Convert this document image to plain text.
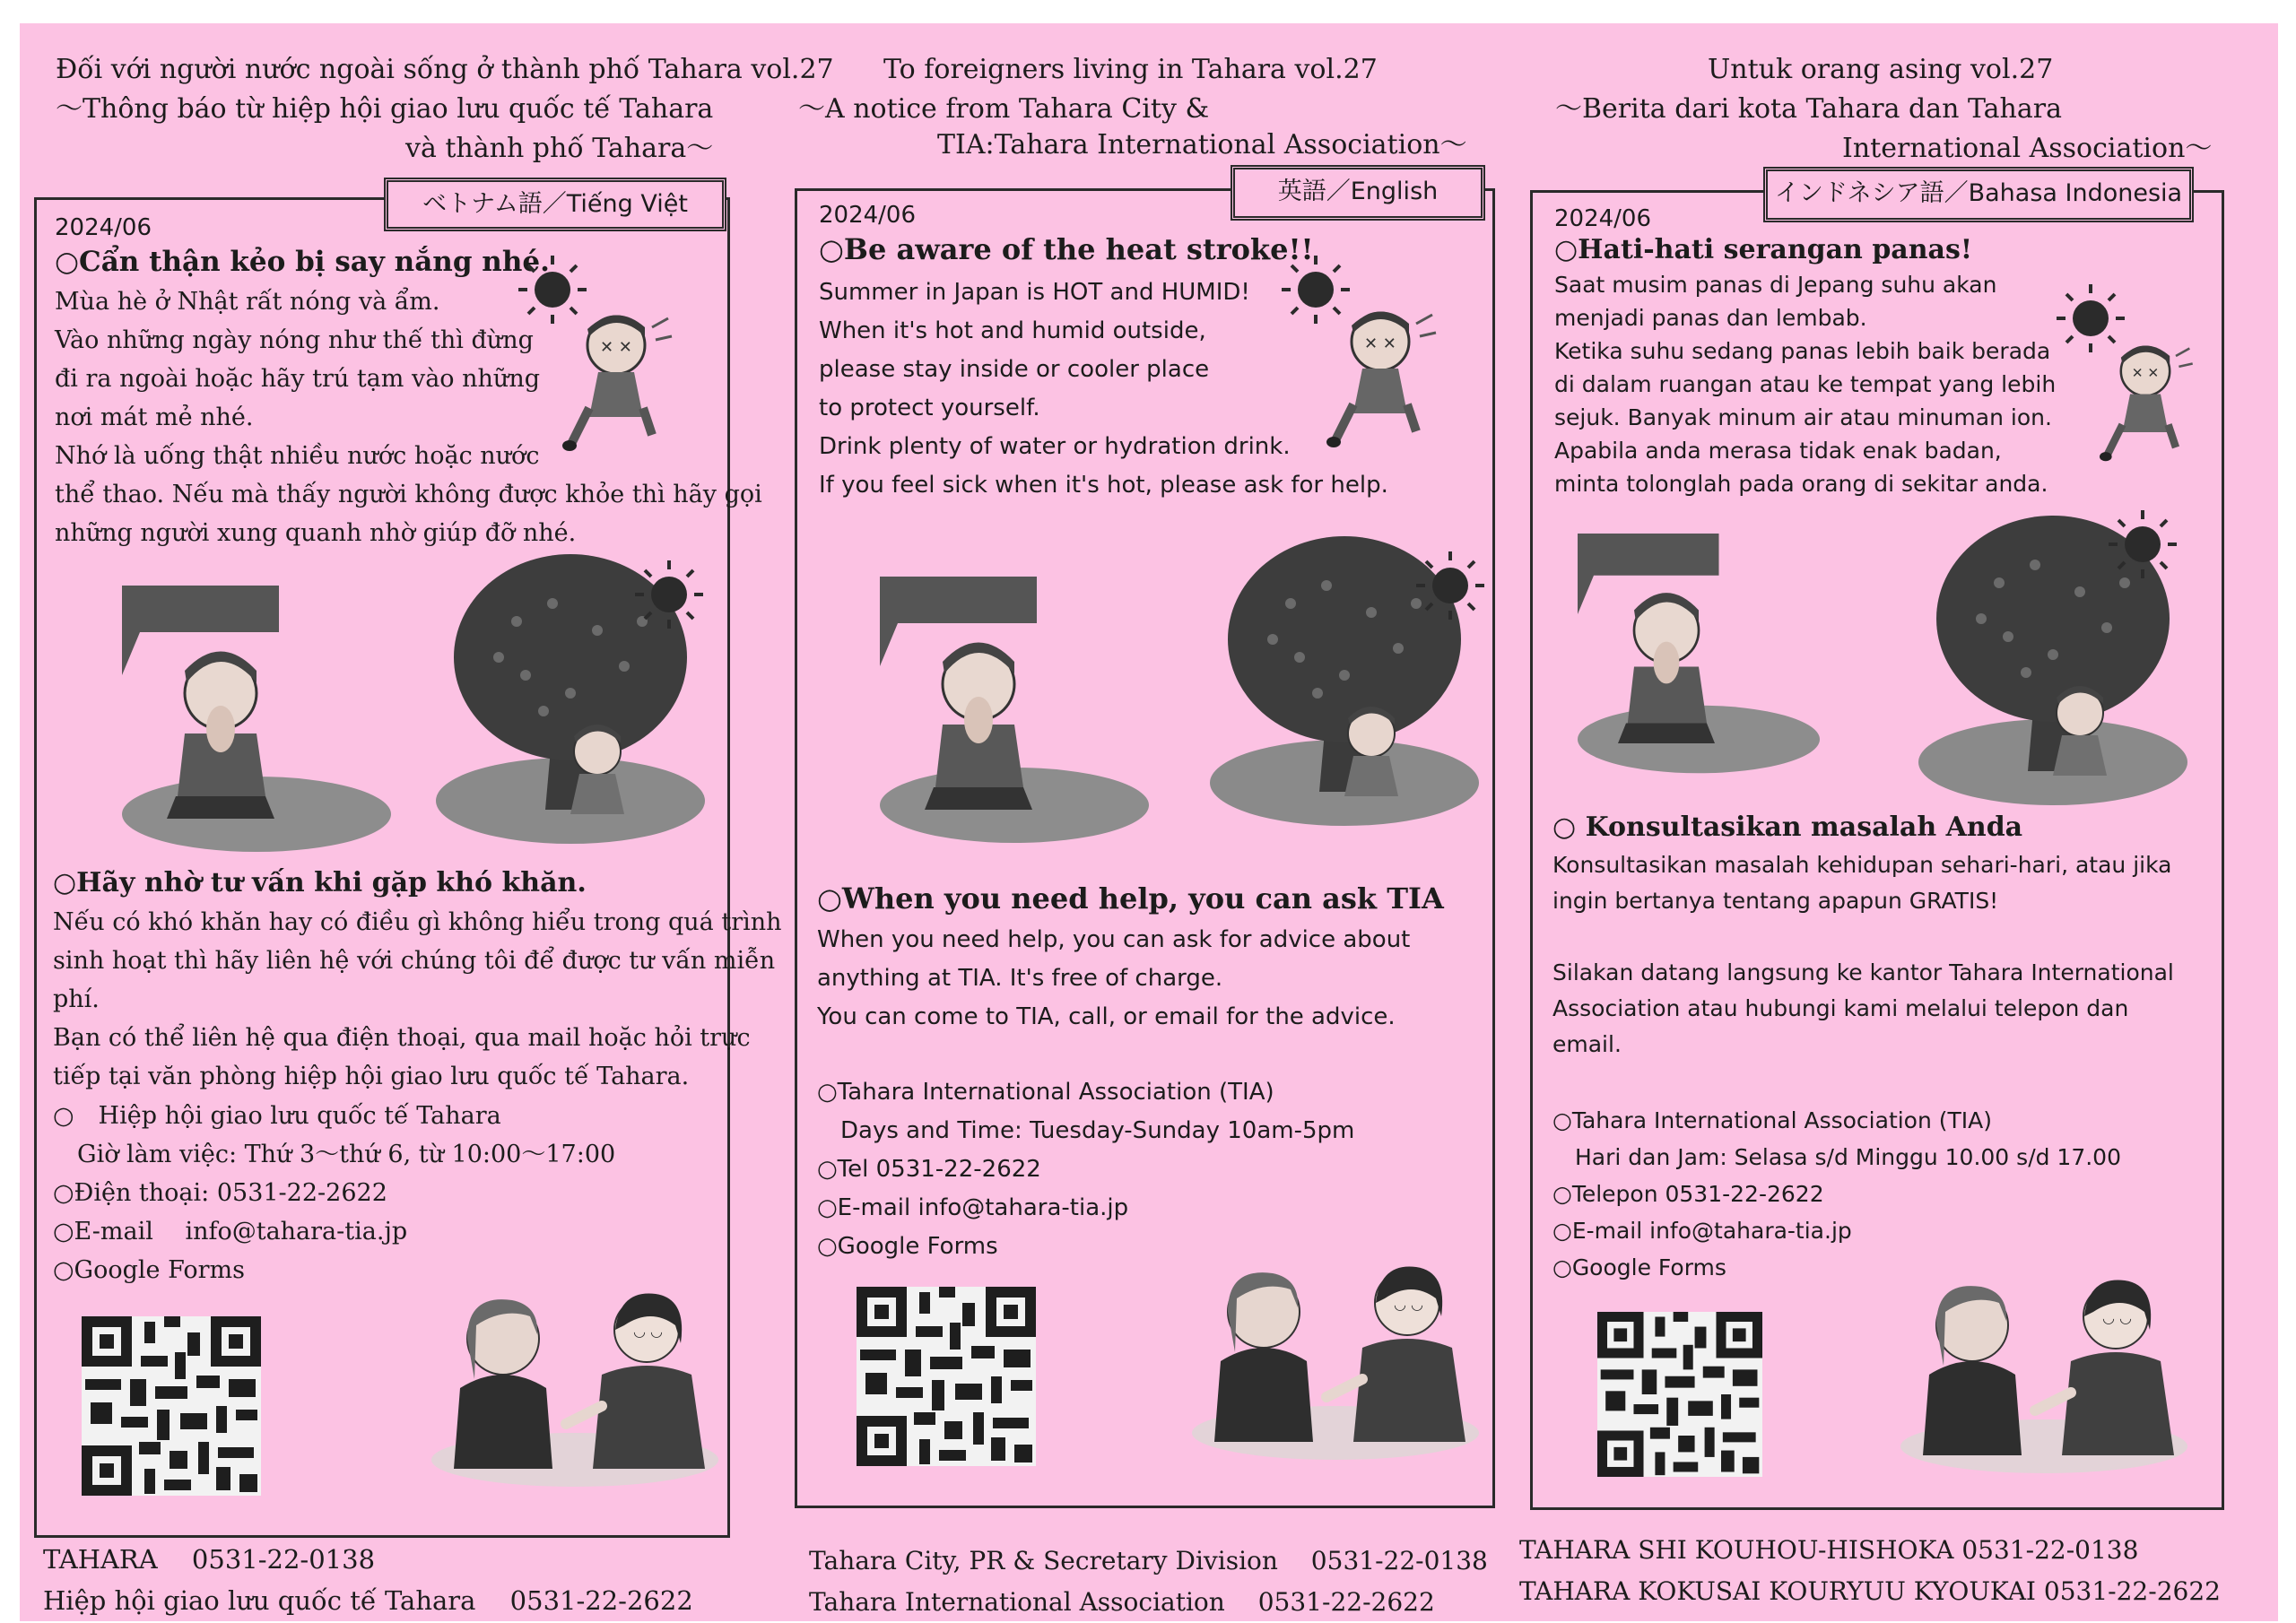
Đối với người nước ngoài sống ở thành phố Tahara vol.27
～Thông báo từ hiệp hội giao lưu quốc tế Tahara
và thành phố Tahara～
2024/06
○Cẩn thận kẻo bị say nắng nhé.
Mùa hè ở Nhật rất nóng và ẩm.
Vào những ngày nóng như thế thì đừng
đi ra ngoài hoặc hãy trú tạm vào những
nơi mát mẻ nhé.
Nhớ là uống thật nhiều nước hoặc nước
thể thao. Nếu mà thấy người không được khỏe thì hãy gọi
những người xung quanh nhờ giúp đỡ nhé.
○Hãy nhờ tư vấn khi gặp khó khăn.
Nếu có khó khăn hay có điều gì không hiểu trong quá trình
sinh hoạt thì hãy liên hệ với chúng tôi để được tư vấn miễn
phí.
Bạn có thể liên hệ qua điện thoại, qua mail hoặc hỏi trực
tiếp tại văn phòng hiệp hội giao lưu quốc tế Tahara.
○　Hiệp hội giao lưu quốc tế Tahara
　Giờ làm việc: Thứ 3～thứ 6, từ 10:00～17:00
○Điện thoại: 0531-22-2622
○E-mail　 info@tahara-tia.jp
○Google Forms
ベトナム語／Tiếng Việt
TAHARA　 0531-22-0138
Hiệp hội giao lưu quốc tế Tahara　 0531-22-2622
To foreigners living in Tahara vol.27
～A notice from Tahara City &
TIA:Tahara International Association～
2024/06
○Be aware of the heat stroke!!
Summer in Japan is HOT and HUMID!
When it's hot and humid outside,
please stay inside or cooler place
to protect yourself.
Drink plenty of water or hydration drink.
If you feel sick when it's hot, please ask for help.
○When you need help, you can ask TIA
When you need help, you can ask for advice about
anything at TIA. It's free of charge.
You can come to TIA, call, or email for the advice.
○Tahara International Association (TIA)
　Days and Time: Tuesday-Sunday 10am-5pm
○Tel 0531-22-2622
○E-mail info@tahara-tia.jp
○Google Forms
英語／English
Tahara City, PR & Secretary Division　 0531-22-0138
Tahara International Association　 0531-22-2622
Untuk orang asing vol.27
～Berita dari kota Tahara dan Tahara
International Association～
2024/06
○Hati-hati serangan panas!
Saat musim panas di Jepang suhu akan
menjadi panas dan lembab.
Ketika suhu sedang panas lebih baik berada
di dalam ruangan atau ke tempat yang lebih
sejuk. Banyak minum air atau minuman ion.
Apabila anda merasa tidak enak badan,
minta tolonglah pada orang di sekitar anda.
○ Konsultasikan masalah Anda
Konsultasikan masalah kehidupan sehari-hari, atau jika
ingin bertanya tentang apapun GRATIS!
Silakan datang langsung ke kantor Tahara International
Association atau hubungi kami melalui telepon dan
email.
○Tahara International Association (TIA)
　Hari dan Jam: Selasa s/d Minggu 10.00 s/d 17.00
○Telepon 0531-22-2622
○E-mail info@tahara-tia.jp
○Google Forms
インドネシア語／Bahasa Indonesia
TAHARA SHI KOUHOU-HISHOKA 0531-22-0138
TAHARA KOKUSAI KOURYUU KYOUKAI 0531-22-2622
